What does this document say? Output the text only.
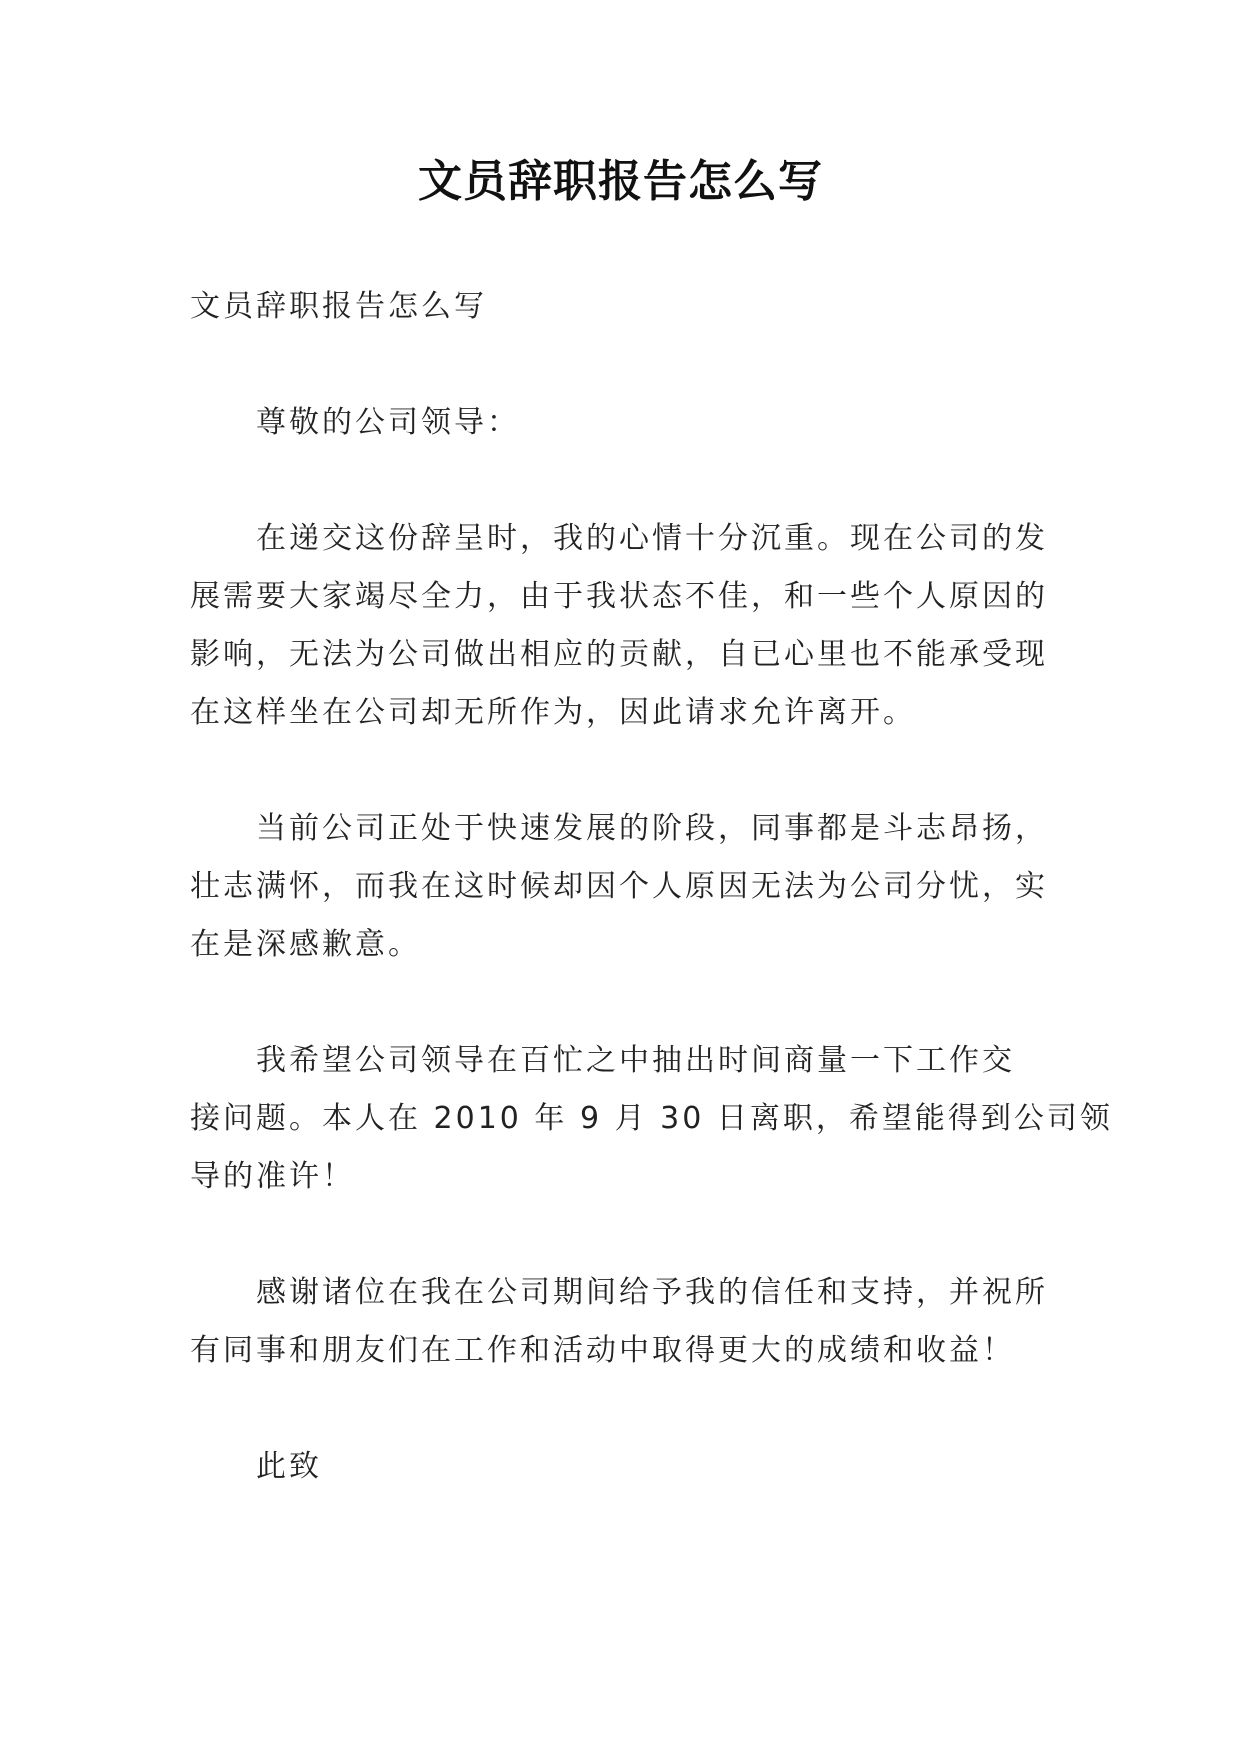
文员辞职报告怎么写
文员辞职报告怎么写
尊敬的公司领导：
在递交这份辞呈时，我的心情十分沉重。现在公司的发
展需要大家竭尽全力，由于我状态不佳，和一些个人原因的
影响，无法为公司做出相应的贡献，自已心里也不能承受现
在这样坐在公司却无所作为，因此请求允许离开。
当前公司正处于快速发展的阶段，同事都是斗志昂扬，
壮志满怀，而我在这时候却因个人原因无法为公司分忧，实
在是深感歉意。
我希望公司领导在百忙之中抽出时间商量一下工作交
接问题。本人在 2010 年 9 月 30 日离职，希望能得到公司领
导的准许！
感谢诸位在我在公司期间给予我的信任和支持，并祝所
有同事和朋友们在工作和活动中取得更大的成绩和收益！
此致
